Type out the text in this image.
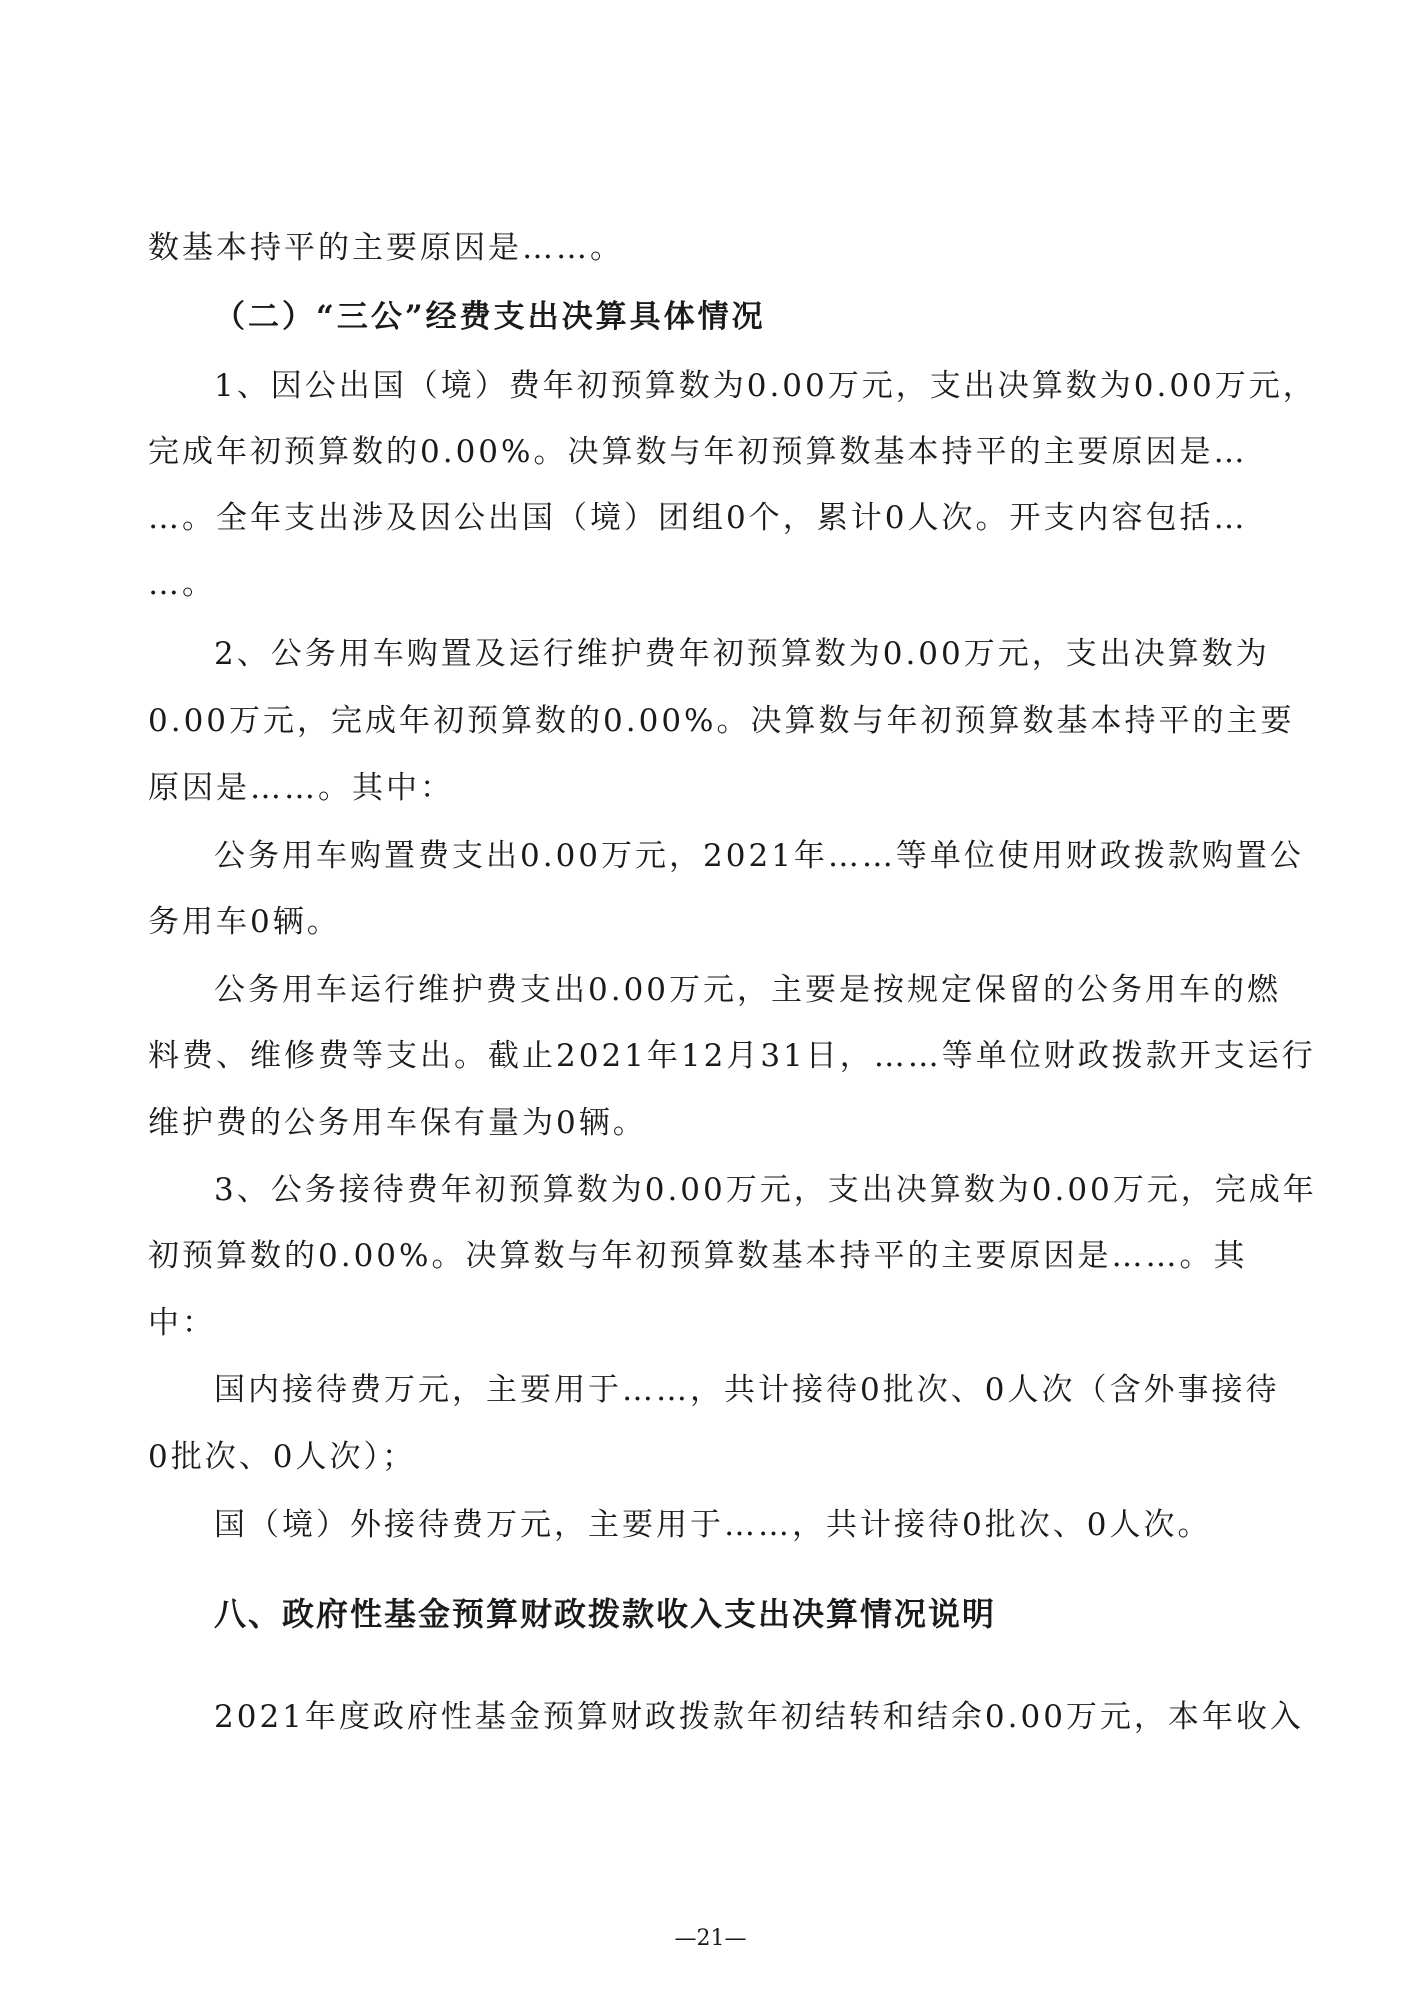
数基本持平的主要原因是……。
（二）“三公”经费支出决算具体情况
1、因公出国（境）费年初预算数为0.00万元，支出决算数为0.00万元，
完成年初预算数的0.00%。决算数与年初预算数基本持平的主要原因是…
…。全年支出涉及因公出国（境）团组0个，累计0人次。开支内容包括…
…。
2、公务用车购置及运行维护费年初预算数为0.00万元，支出决算数为
0.00万元，完成年初预算数的0.00%。决算数与年初预算数基本持平的主要
原因是……。其中：
公务用车购置费支出0.00万元，2021年……等单位使用财政拨款购置公
务用车0辆。
公务用车运行维护费支出0.00万元，主要是按规定保留的公务用车的燃
料费、维修费等支出。截止2021年12月31日，……等单位财政拨款开支运行
维护费的公务用车保有量为0辆。
3、公务接待费年初预算数为0.00万元，支出决算数为0.00万元，完成年
初预算数的0.00%。决算数与年初预算数基本持平的主要原因是……。其
中：
国内接待费万元，主要用于……，共计接待0批次、0人次（含外事接待
0批次、0人次）；
国（境）外接待费万元，主要用于……，共计接待0批次、0人次。
八、政府性基金预算财政拨款收入支出决算情况说明
2021年度政府性基金预算财政拨款年初结转和结余0.00万元，本年收入
—21—
